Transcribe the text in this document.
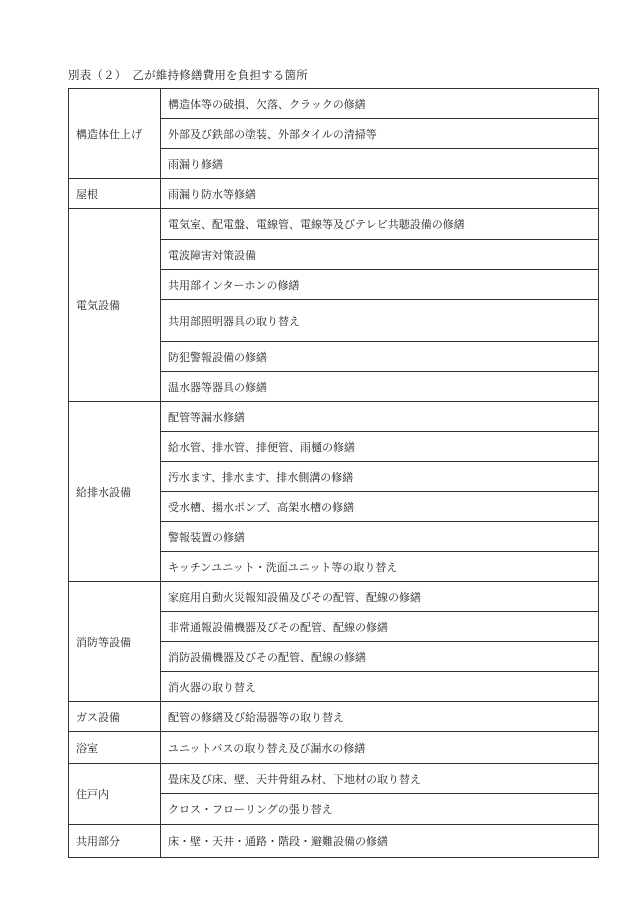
別表（２）　乙が維持修繕費用を負担する箇所
構造体仕上げ	構造体等の破損、欠落、クラックの修繕
	外部及び鉄部の塗装、外部タイルの清掃等
	雨漏り修繕
屋根	雨漏り防水等修繕
電気設備	電気室、配電盤、電線管、電線等及びテレビ共聴設備の修繕
	電波障害対策設備
	共用部インターホンの修繕
	共用部照明器具の取り替え
	防犯警報設備の修繕
	温水器等器具の修繕
給排水設備	配管等漏水修繕
	給水管、排水管、排便管、雨樋の修繕
	汚水ます、排水ます、排水側溝の修繕
	受水槽、揚水ポンプ、高架水槽の修繕
	警報装置の修繕
	キッチンユニット・洗面ユニット等の取り替え
消防等設備	家庭用自動火災報知設備及びその配管、配線の修繕
	非常通報設備機器及びその配管、配線の修繕
	消防設備機器及びその配管、配線の修繕
	消火器の取り替え
ガス設備	配管の修繕及び給湯器等の取り替え
浴室	ユニットバスの取り替え及び漏水の修繕
住戸内	畳床及び床、壁、天井骨組み材、下地材の取り替え
	クロス・フローリングの張り替え
共用部分	床・壁・天井・通路・階段・避難設備の修繕
